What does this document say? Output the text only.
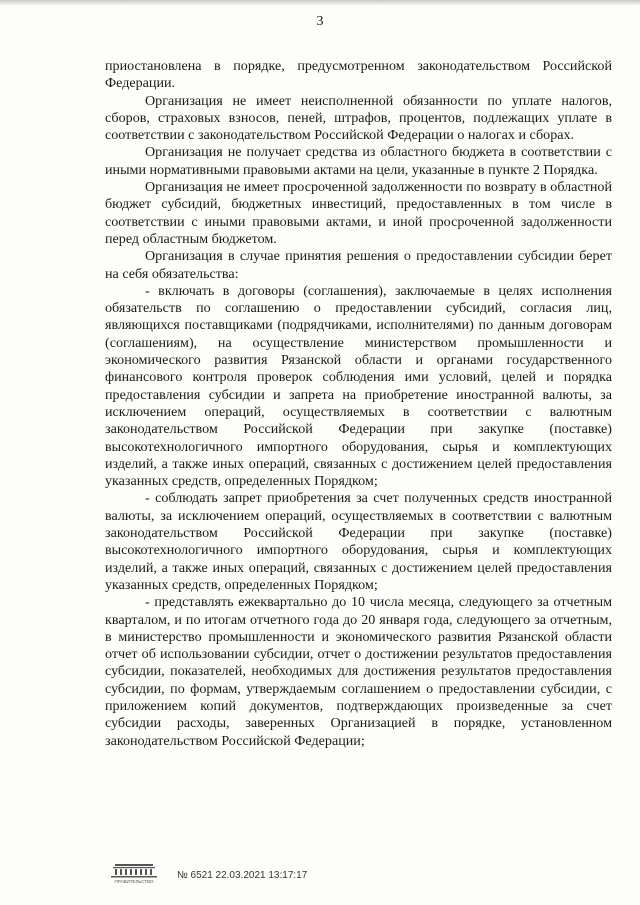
3

приостановлена в порядке, предусмотренном законодательством Российской Федерации.

Организация не имеет неисполненной обязанности по уплате налогов, сборов, страховых взносов, пеней, штрафов, процентов, подлежащих уплате в соответствии с законодательством Российской Федерации о налогах и сборах.

Организация не получает средства из областного бюджета в соответствии с иными нормативными правовыми актами на цели, указанные в пункте 2 Порядка.

Организация не имеет просроченной задолженности по возврату в областной бюджет субсидий, бюджетных инвестиций, предоставленных в том числе в соответствии с иными правовыми актами, и иной просроченной задолженности перед областным бюджетом.

Организация в случае принятия решения о предоставлении субсидии берет на себя обязательства:

- включать в договоры (соглашения), заключаемые в целях исполнения обязательств по соглашению о предоставлении субсидий, согласия лиц, являющихся поставщиками (подрядчиками, исполнителями) по данным договорам (соглашениям), на осуществление министерством промышленности и экономического развития Рязанской области и органами государственного финансового контроля проверок соблюдения ими условий, целей и порядка предоставления субсидии и запрета на приобретение иностранной валюты, за исключением операций, осуществляемых в соответствии с валютным законодательством Российской Федерации при закупке (поставке) высокотехнологичного импортного оборудования, сырья и комплектующих изделий, а также иных операций, связанных с достижением целей предоставления указанных средств, определенных Порядком;

- соблюдать запрет приобретения за счет полученных средств иностранной валюты, за исключением операций, осуществляемых в соответствии с валютным законодательством Российской Федерации при закупке (поставке) высокотехнологичного импортного оборудования, сырья и комплектующих изделий, а также иных операций, связанных с достижением целей предоставления указанных средств, определенных Порядком;

- представлять ежеквартально до 10 числа месяца, следующего за отчетным кварталом, и по итогам отчетного года до 20 января года, следующего за отчетным, в министерство промышленности и экономического развития Рязанской области отчет об использовании субсидии, отчет о достижении результатов предоставления субсидии, показателей, необходимых для достижения результатов предоставления субсидии, по формам, утверждаемым соглашением о предоставлении субсидии, с приложением копий документов, подтверждающих произведенные за счет субсидии расходы, заверенных Организацией в порядке, установленном законодательством Российской Федерации;

ПРАВИТЕЛЬСТВО
№ 6521 22.03.2021 13:17:17
